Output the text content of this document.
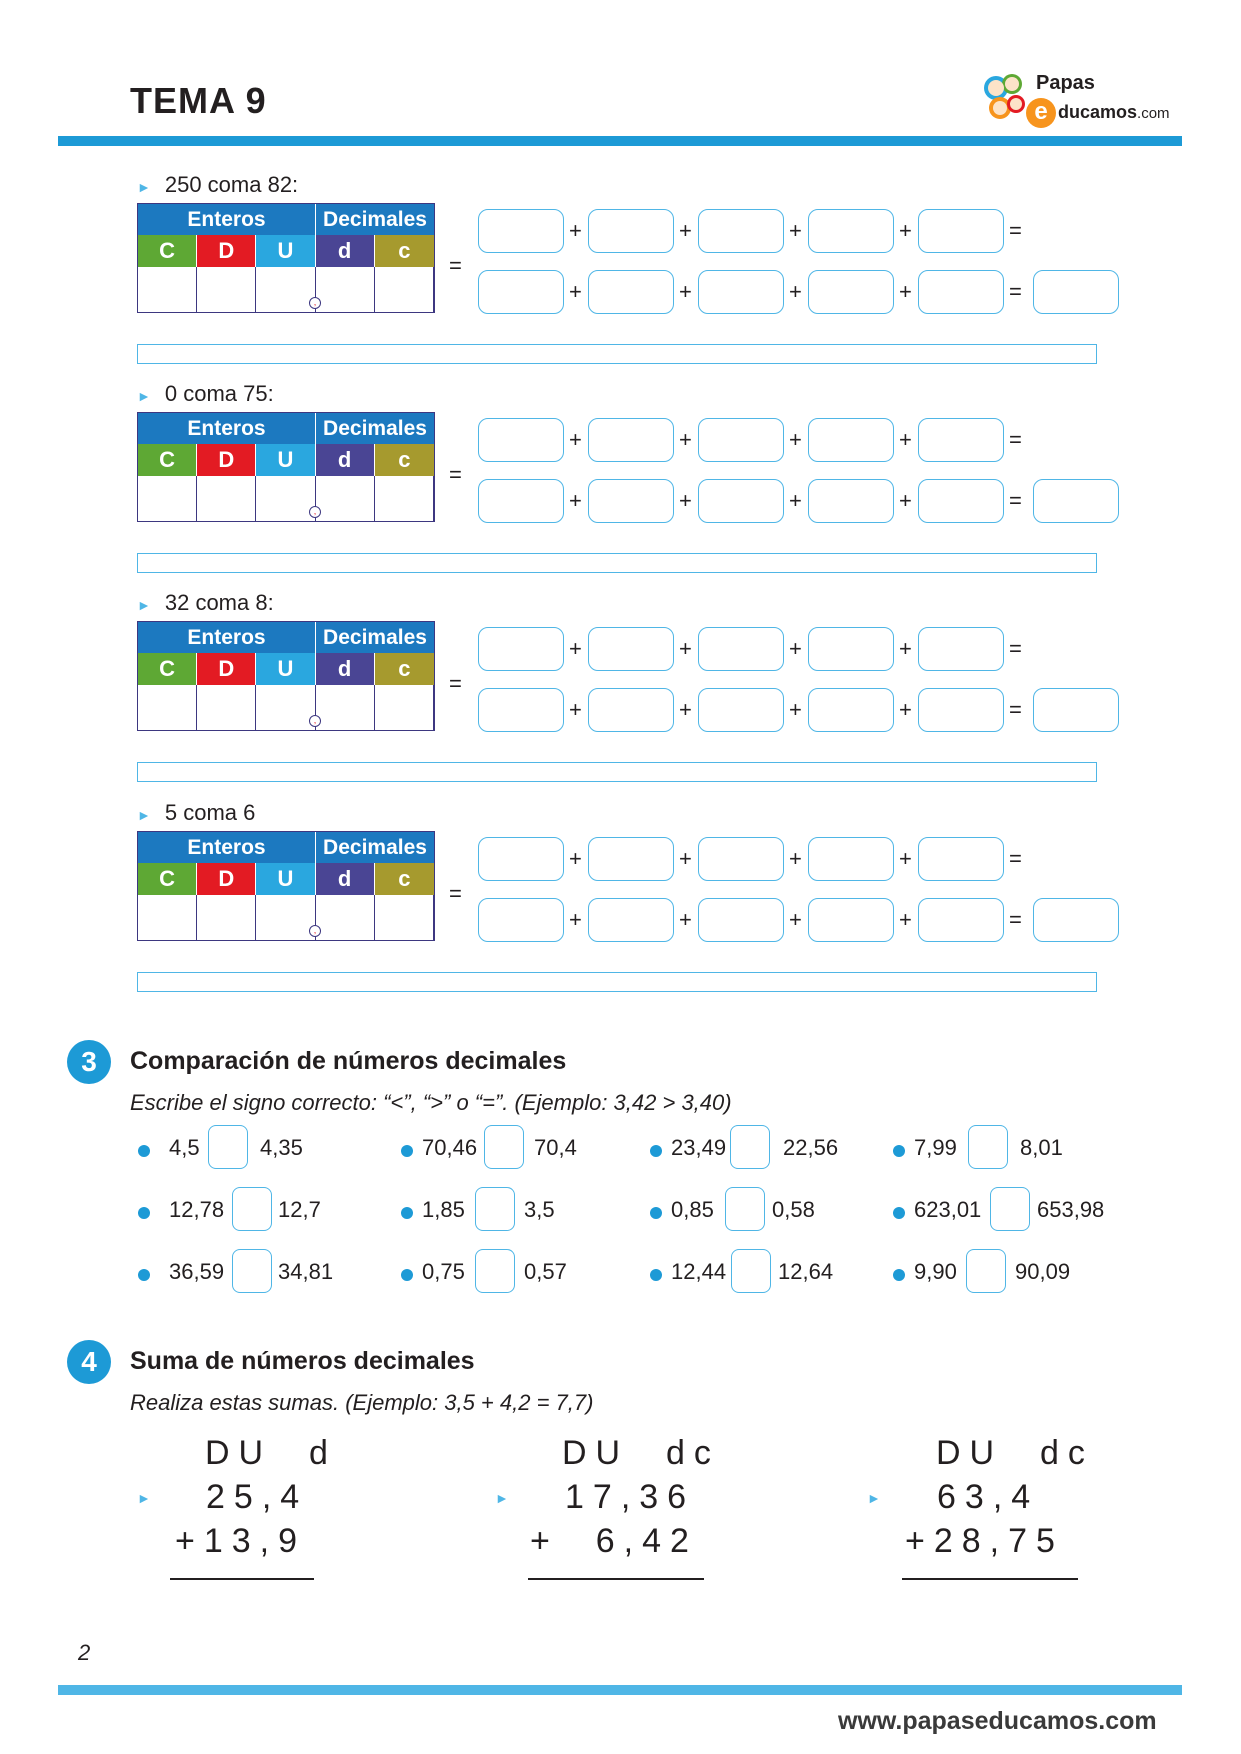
TEMA 9	Papas
e ducamos.com
► 250 coma 82:
Enteros	Decimales
C	D	U	d	c
,
=
+
+
+
+
+
+
+
+
=
=
► 0 coma 75:
Enteros	Decimales
C	D	U	d	c
,
=
+
+
+
+
+
+
+
+
=
=
► 32 coma 8:
Enteros	Decimales
C	D	U	d	c
,
=
+
+
+
+
+
+
+
+
=
=
► 5 coma 6
Enteros	Decimales
C	D	U	d	c
,
=
+
+
+
+
+
+
+
+
=
=
3	Comparación de números decimales
Escribe el signo correcto: “<”, “>” o “=”. (Ejemplo: 3,42 > 3,40)
4,5	4,35	70,46	70,4	23,49	22,56	7,99	8,01
12,78 12,7	1,85	3,5	0,85	0,58	623,01	653,98
36,59 34,81	0,75	0,57	12,44 12,64	9,90	90,09
4	Suma de números decimales
Realiza estas sumas. (Ejemplo: 3,5 + 4,2 = 7,7)
DU  d
► 25,4
+13,9
DU  dc
► 17,36
+  6,42
DU  dc
► 63,4
+28,75
2
www.papaseducamos.com
